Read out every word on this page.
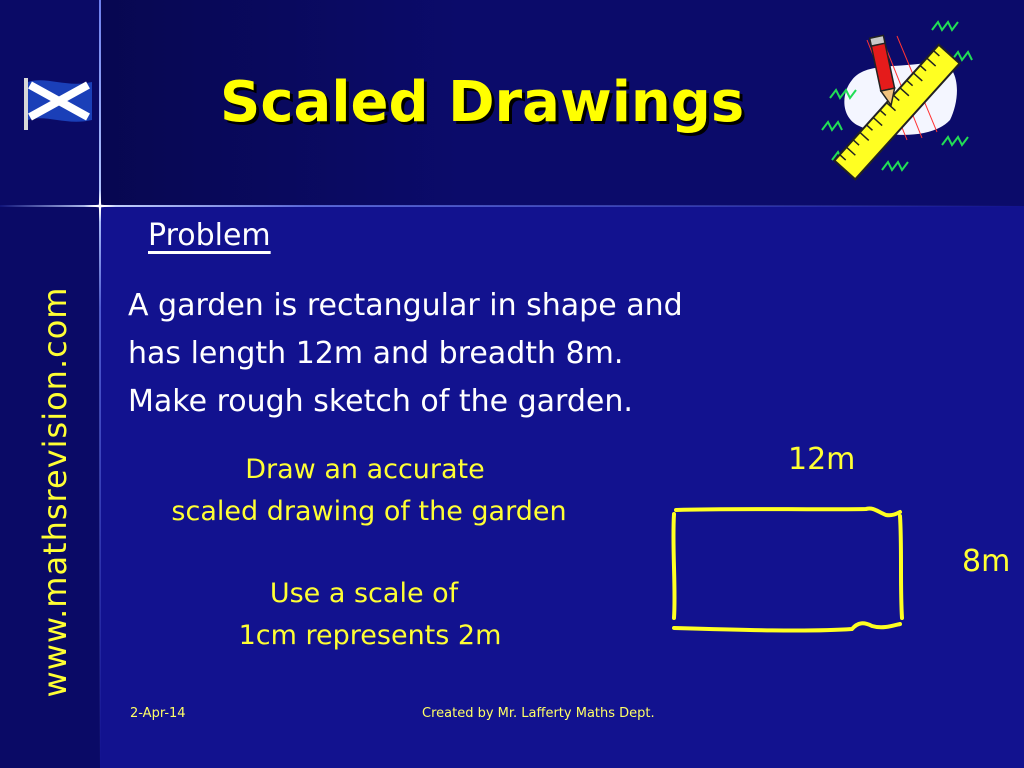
www.mathsrevision.com
Scaled Drawings
Problem
A garden is rectangular in shape and
has length 12m and breadth 8m.
Make rough sketch of the garden.
Draw an accurate
scaled drawing of the garden
Use a scale of
1cm represents 2m
12m
8m
2-Apr-14	Created by Mr. Lafferty Maths Dept.
